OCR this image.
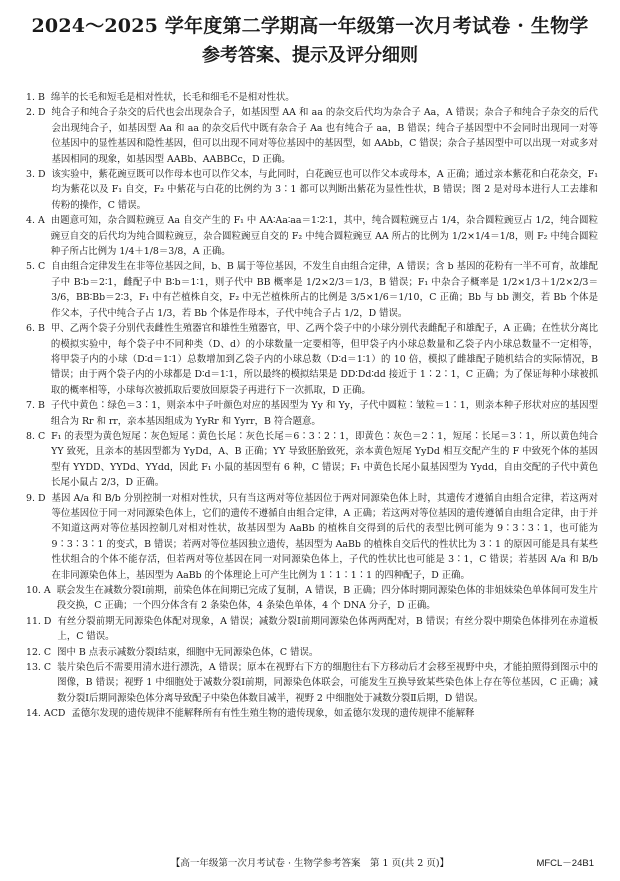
2024～2025 学年度第二学期高一年级第一次月考试卷 · 生物学
参考答案、提示及评分细则
1. B 绵羊的长毛和短毛是相对性状，长毛和细毛不是相对性状。
2. D 纯合子和纯合子杂交的后代也会出现杂合子，如基因型 AA 和 aa 的杂交后代均为杂合子 Aa，A 错误；杂合子和纯合子杂交的后代会出现纯合子，如基因型 Aa 和 aa 的杂交后代中既有杂合子 Aa 也有纯合子 aa，B 错误；纯合子基因型中不会同时出现同一对等位基因中的显性基因和隐性基因，但可以出现不同对等位基因中的基因型，如 AAbb，C 错误；杂合子基因型中可以出现一对或多对基因相同的现象，如基因型 AABb、AABBCc，D 正确。
3. D 该实验中，紫花豌豆既可以作母本也可以作父本，与此同时，白花豌豆也可以作父本或母本，A 正确；通过亲本紫花和白花杂交，F₁ 均为紫花以及 F₁ 自交，F₂ 中紫花与白花的比例约为 3∶1 都可以判断出紫花为显性性状，B 错误；图 2 是对母本进行人工去雄和传粉的操作，C 错误。
4. A 由题意可知，杂合圆粒豌豆 Aa 自交产生的 F₁ 中 AA∶Aa∶aa＝1∶2∶1，其中，纯合圆粒豌豆占 1/4，杂合圆粒豌豆占 1/2，纯合圆粒豌豆自交的后代均为纯合圆粒豌豆，杂合圆粒豌豆自交的 F₂ 中纯合圆粒豌豆 AA 所占的比例为 1/2×1/4＝1/8，则 F₂ 中纯合圆粒种子所占比例为 1/4＋1/8＝3/8，A 正确。
5. C 自由组合定律发生在非等位基因之间，b、B 属于等位基因，不发生自由组合定律，A 错误；含 b 基因的花粉有一半不可育，故雄配子中 B∶b＝2∶1，雌配子中 B∶b＝1∶1，则子代中 BB 概率是 1/2×2/3＝1/3，B 错误；F₁ 中杂合子概率是 1/2×1/3＋1/2×2/3＝3/6，BB∶Bb＝2∶3，F₁ 中有芒植株自交，F₂ 中无芒植株所占的比例是 3/5×1/6＝1/10，C 正确；Bb 与 bb 测交，若 Bb 个体是作父本，子代中纯合子占 1/3，若 Bb 个体是作母本，子代中纯合子占 1/2，D 错误。
6. B 甲、乙两个袋子分别代表雌性生殖器官和雄性生殖器官，甲、乙两个袋子中的小球分别代表雌配子和雄配子，A 正确；在性状分离比的模拟实验中，每个袋子中不同种类（D、d）的小球数量一定要相等，但甲袋子内小球总数量和乙袋子内小球总数量不一定相等，将甲袋子内的小球（D∶d＝1∶1）总数增加到乙袋子内的小球总数（D∶d＝1∶1）的 10 倍，模拟了雌雄配子随机结合的实际情况，B 错误；由于两个袋子内的小球都是 D∶d＝1∶1，所以最终的模拟结果是 DD∶Dd∶dd 接近于 1∶2∶1，C 正确；为了保证每种小球被抓取的概率相等，小球每次被抓取后要放回原袋子再进行下一次抓取，D 正确。
7. B 子代中黄色∶绿色＝3∶1，则亲本中子叶颜色对应的基因型为 Yy 和 Yy，子代中圆粒∶皱粒＝1∶1，则亲本种子形状对应的基因型组合为 Rr 和 rr，亲本基因组成为 YyRr 和 Yyrr，B 符合题意。
8. C F₁ 的表型为黄色短尾∶灰色短尾∶黄色长尾∶灰色长尾＝6∶3∶2∶1，即黄色∶灰色＝2∶1，短尾∶长尾＝3∶1，所以黄色纯合 YY 致死，且亲本的基因型都为 YyDd，A、B 正确；YY 导致胚胎致死，亲本黄色短尾 YyDd 相互交配产生的 F 中致死个体的基因型有 YYDD、YYDd、YYdd，因此 F₁ 小鼠的基因型有 6 种，C 错误；F₁ 中黄色长尾小鼠基因型为 Yydd，自由交配的子代中黄色长尾小鼠占 2/3，D 正确。
9. D 基因 A/a 和 B/b 分别控制一对相对性状，只有当这两对等位基因位于两对同源染色体上时，其遗传才遵循自由组合定律，若这两对等位基因位于同一对同源染色体上，它们的遗传不遵循自由组合定律，A 正确；若这两对等位基因的遗传遵循自由组合定律，由于并不知道这两对等位基因控制几对相对性状，故基因型为 AaBb 的植株自交得到的后代的表型比例可能为 9∶3∶3∶1，也可能为 9∶3∶3∶1 的变式，B 错误；若两对等位基因独立遗传，基因型为 AaBb 的植株自交后代的性状比为 3∶1 的原因可能是具有某些性状组合的个体不能存活，但若两对等位基因在同一对同源染色体上，子代的性状比也可能是 3∶1，C 错误；若基因 A/a 和 B/b 在非同源染色体上，基因型为 AaBb 的个体理论上可产生比例为 1∶1∶1∶1 的四种配子，D 正确。
10. A 联会发生在减数分裂Ⅰ前期，前染色体在间期已完成了复制，A 错误，B 正确；四分体时期同源染色体的非姐妹染色单体间可发生片段交换，C 正确；一个四分体含有 2 条染色体，4 条染色单体，4 个 DNA 分子，D 正确。
11. D 有丝分裂前期无同源染色体配对现象，A 错误；减数分裂Ⅰ前期同源染色体两两配对，B 错误；有丝分裂中期染色体排列在赤道板上，C 错误。
12. C 图中 B 点表示减数分裂Ⅰ结束，细胞中无同源染色体，C 错误。
13. C 装片染色后不需要用清水进行漂洗，A 错误；原本在视野右下方的细胞往右下方移动后才会移至视野中央，才能拍照得到图示中的图像，B 错误；视野 1 中细胞处于减数分裂Ⅰ前期，同源染色体联会，可能发生互换导致某些染色体上存在等位基因，C 正确；减数分裂Ⅰ后期同源染色体分离导致配子中染色体数目减半，视野 2 中细胞处于减数分裂Ⅱ后期，D 错误。
14. ACD 孟德尔发现的遗传规律不能解释所有有性生殖生物的遗传现象，如孟德尔发现的遗传规律不能解释
【高一年级第一次月考试卷 · 生物学参考答案　第 1 页(共 2 页)】	MFCL－24B1
